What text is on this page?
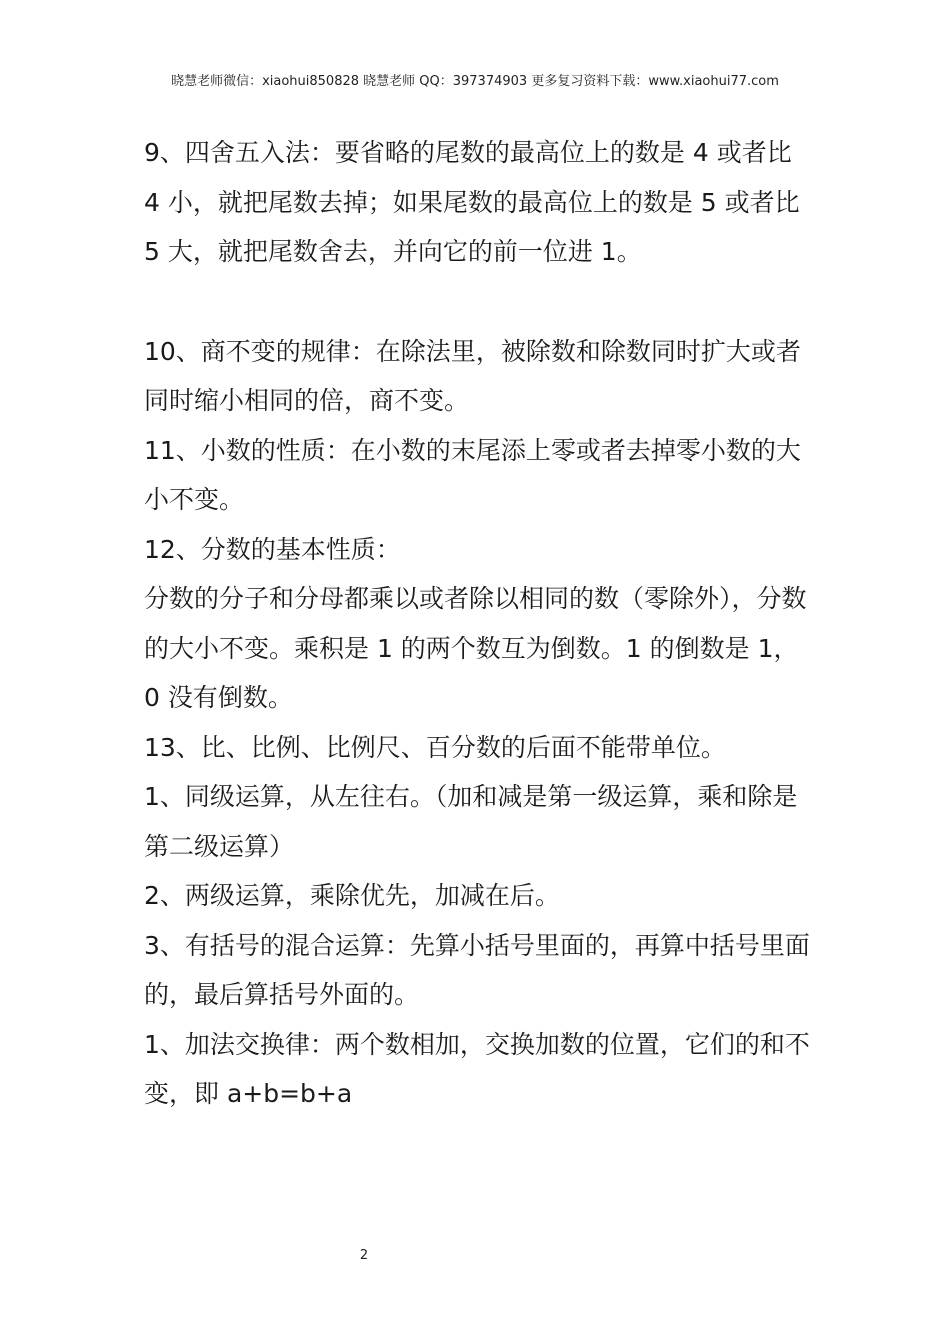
晓慧老师微信：xiaohui850828 晓慧老师 QQ：397374903 更多复习资料下载：www.xiaohui77.com

9、四舍五入法：要省略的尾数的最高位上的数是 4 或者比 4 小，就把尾数去掉；如果尾数的最高位上的数是 5 或者比 5 大，就把尾数舍去，并向它的前一位进 1。

10、商不变的规律：在除法里，被除数和除数同时扩大或者同时缩小相同的倍，商不变。

11、小数的性质：在小数的末尾添上零或者去掉零小数的大小不变。

12、分数的基本性质：

分数的分子和分母都乘以或者除以相同的数（零除外），分数的大小不变。乘积是 1 的两个数互为倒数。1 的倒数是 1，0 没有倒数。

13、比、比例、比例尺、百分数的后面不能带单位。

1、同级运算，从左往右。（加和减是第一级运算，乘和除是第二级运算）

2、两级运算，乘除优先，加减在后。

3、有括号的混合运算：先算小括号里面的，再算中括号里面的，最后算括号外面的。

1、加法交换律：两个数相加，交换加数的位置，它们的和不变，即 a+b=b+a

2
